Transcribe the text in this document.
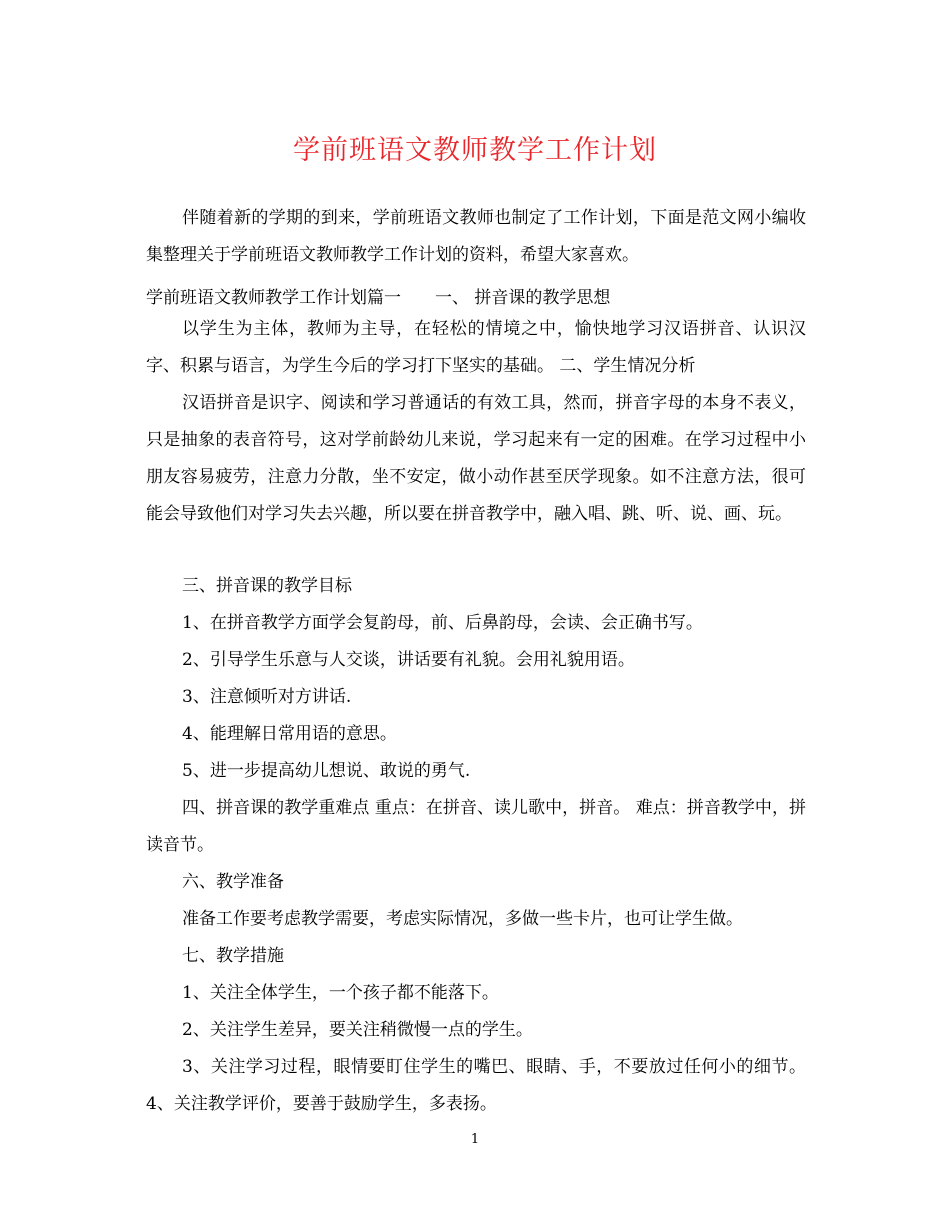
学前班语文教师教学工作计划

伴随着新的学期的到来，学前班语文教师也制定了工作计划，下面是范文网小编收集整理关于学前班语文教师教学工作计划的资料，希望大家喜欢。

学前班语文教师教学工作计划篇一　　一、 拼音课的教学思想

以学生为主体，教师为主导，在轻松的情境之中，愉快地学习汉语拼音、认识汉字、积累与语言，为学生今后的学习打下坚实的基础。 二、学生情况分析

汉语拼音是识字、阅读和学习普通话的有效工具，然而，拼音字母的本身不表义，只是抽象的表音符号，这对学前龄幼儿来说，学习起来有一定的困难。在学习过程中小朋友容易疲劳，注意力分散，坐不安定，做小动作甚至厌学现象。如不注意方法，很可能会导致他们对学习失去兴趣，所以要在拼音教学中，融入唱、跳、听、说、画、玩。

三、拼音课的教学目标

1、在拼音教学方面学会复韵母，前、后鼻韵母，会读、会正确书写。

2、引导学生乐意与人交谈，讲话要有礼貌。会用礼貌用语。

3、注意倾听对方讲话.

4、能理解日常用语的意思。

5、进一步提高幼儿想说、敢说的勇气.

四、拼音课的教学重难点 重点：在拼音、读儿歌中，拼音。 难点：拼音教学中，拼读音节。

六、教学准备

准备工作要考虑教学需要，考虑实际情况，多做一些卡片，也可让学生做。

七、教学措施

1、关注全体学生，一个孩子都不能落下。

2、关注学生差异，要关注稍微慢一点的学生。

3、关注学习过程，眼情要盯住学生的嘴巴、眼睛、手，不要放过任何小的细节。 4、关注教学评价，要善于鼓励学生，多表扬。

1
